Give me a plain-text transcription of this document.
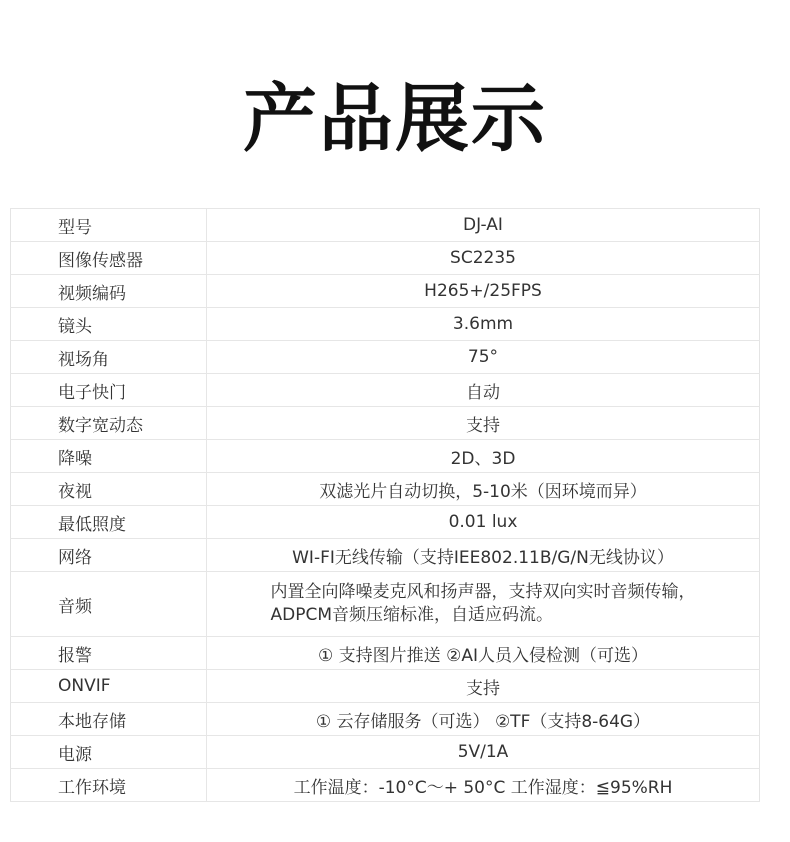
产品展示
型号	DJ-AI
图像传感器	SC2235
视频编码	H265+/25FPS
镜头	3.6mm
视场角	75°
电子快门	自动
数字宽动态	支持
降噪	2D、3D
夜视	双滤光片自动切换，5-10米（因环境而异）
最低照度	0.01 lux
网络	WI-FI无线传输（支持IEE802.11B/G/N无线协议）
音频	内置全向降噪麦克风和扬声器，支持双向实时音频传输，
ADPCM音频压缩标准，自适应码流。

报警	① 支持图片推送 ②AI人员入侵检测（可选）
ONVIF	支持
本地存储	① 云存储服务（可选） ②TF（支持8-64G）
电源	5V/1A
工作环境	工作温度：-10°C～+ 50°C 工作湿度：≦95%RH
